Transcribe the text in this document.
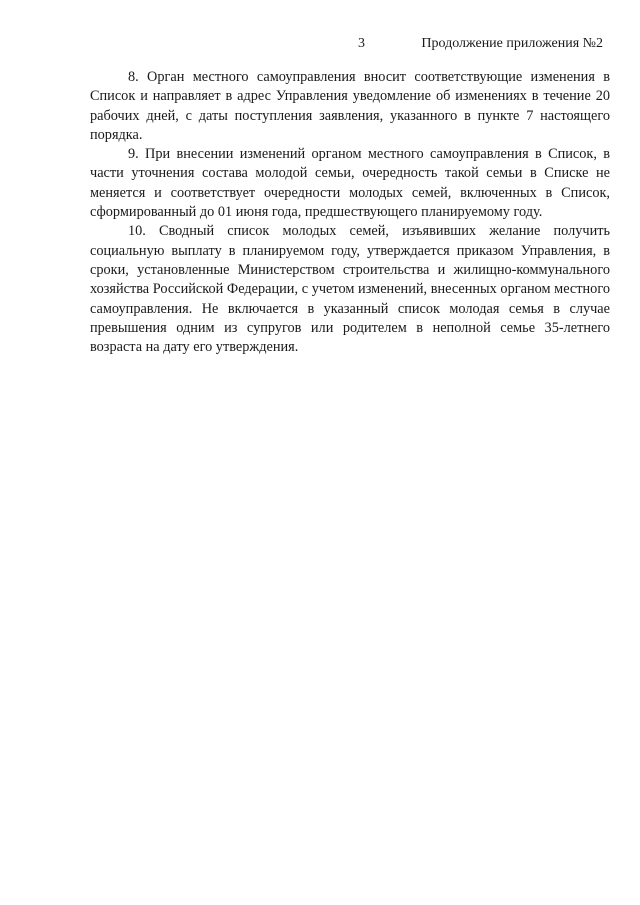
3	Продолжение приложения №2

8. Орган местного самоуправления вносит соответствующие изменения в Список и направляет в адрес Управления уведомление об изменениях в течение 20 рабочих дней, с даты поступления заявления, указанного в пункте 7 настоящего порядка.

9. При внесении изменений органом местного самоуправления в Список, в части уточнения состава молодой семьи, очередность такой семьи в Списке не меняется и соответствует очередности молодых семей, включенных в Список, сформированный до 01 июня года, предшествующего планируемому году.

10. Сводный список молодых семей, изъявивших желание получить социальную выплату в планируемом году, утверждается приказом Управления, в сроки, установленные Министерством строительства и жилищно-коммунального хозяйства Российской Федерации, с учетом изменений, внесенных органом местного самоуправления. Не включается в указанный список молодая семья в случае превышения одним из супругов или родителем в неполной семье 35-летнего возраста на дату его утверждения.
